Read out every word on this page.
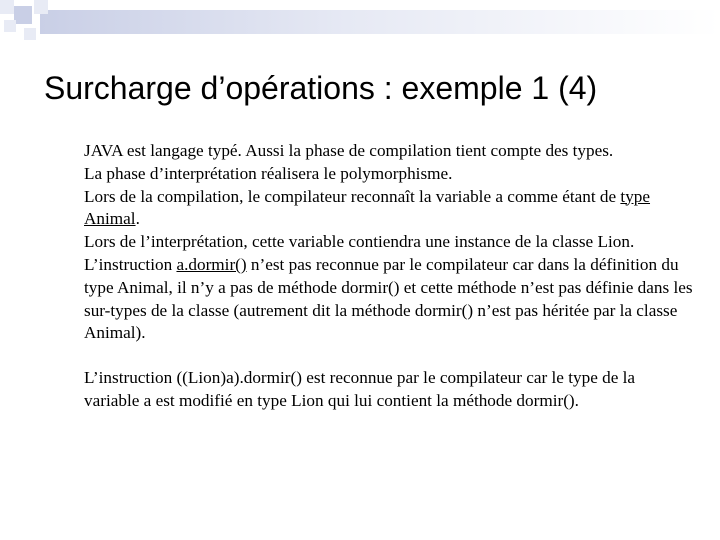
Surcharge d’opérations : exemple 1 (4)

JAVA est langage typé. Aussi la phase de compilation tient compte des types.

La phase d’interprétation réalisera le polymorphisme.

Lors de la compilation, le compilateur reconnaît la variable a comme étant de type Animal.

Lors de l’interprétation, cette variable contiendra une instance de la classe Lion.

L’instruction a.dormir() n’est pas reconnue par le compilateur car dans la définition du type Animal, il n’y a pas de méthode dormir() et cette méthode n’est pas définie dans les sur-types de la classe (autrement dit la méthode dormir() n’est pas héritée par la classe Animal).

L’instruction ((Lion)a).dormir() est reconnue par le compilateur car le type de la variable a est modifié en type Lion qui lui contient la méthode dormir().
